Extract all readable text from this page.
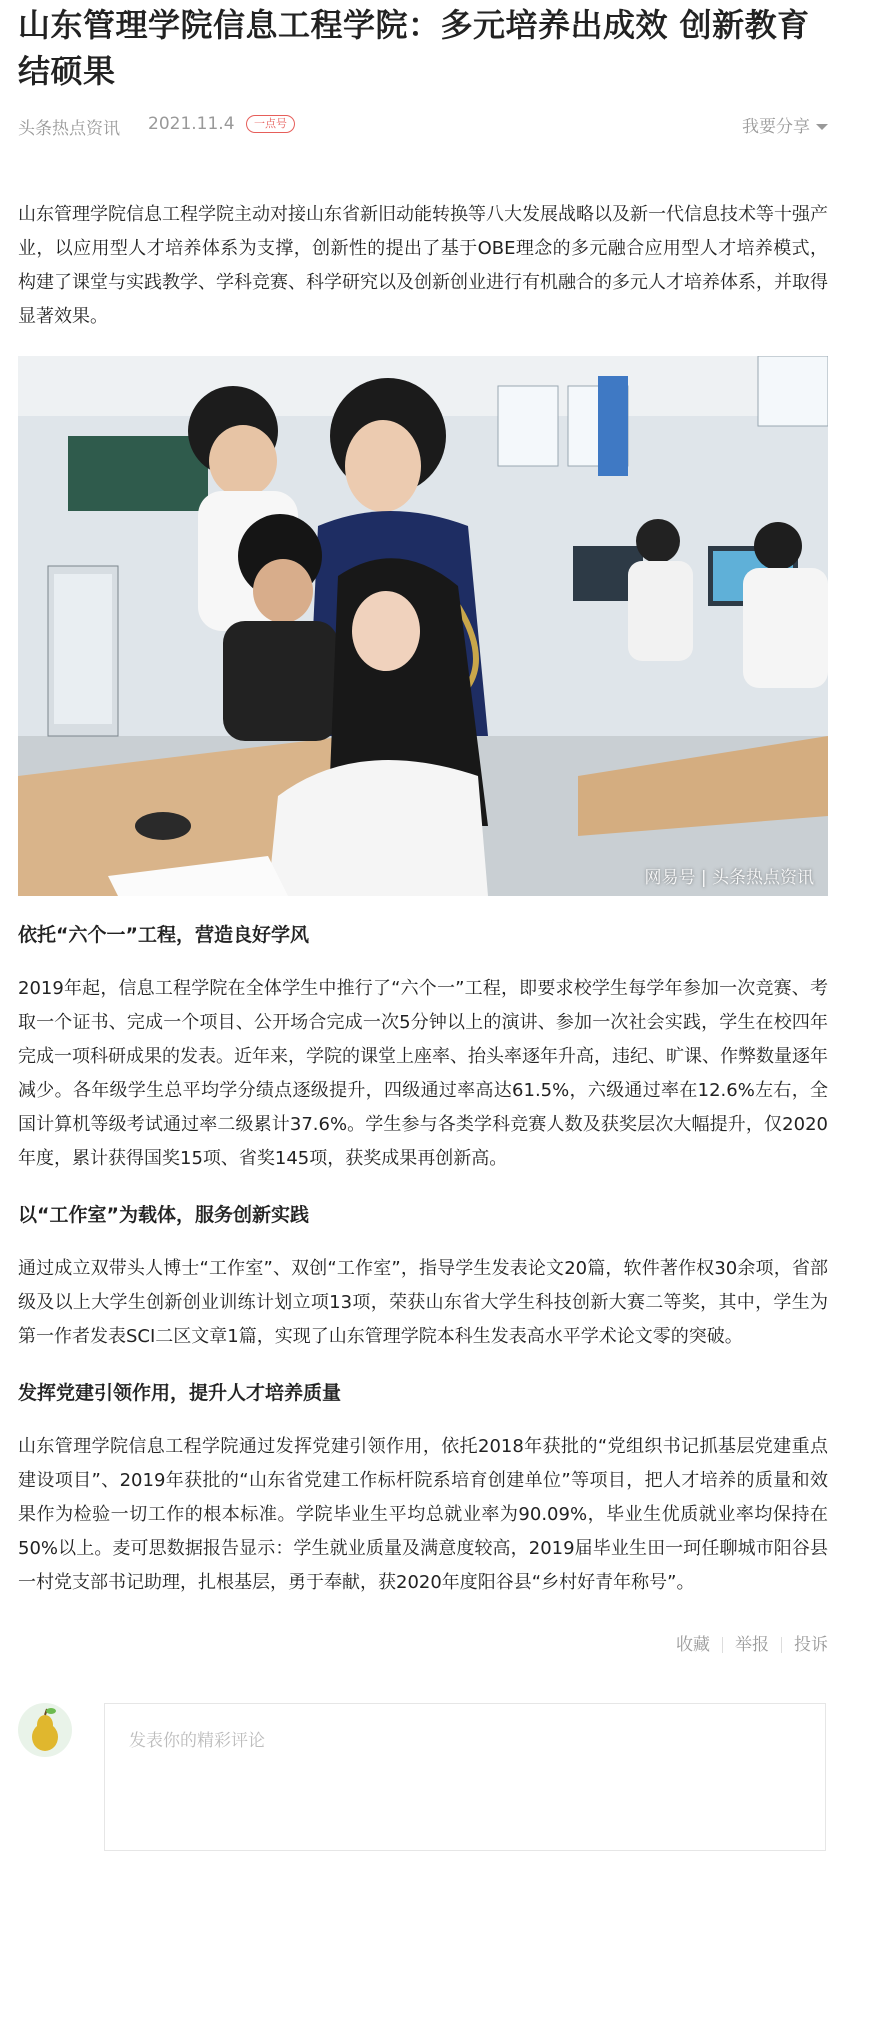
山东管理学院信息工程学院：多元培养出成效 创新教育结硕果
头条热点资讯 2021.11.4	一点号	我要分享

山东管理学院信息工程学院主动对接山东省新旧动能转换等八大发展战略以及新一代信息技术等十强产业，以应用型人才培养体系为支撑，创新性的提出了基于OBE理念的多元融合应用型人才培养模式，构建了课堂与实践教学、学科竞赛、科学研究以及创新创业进行有机融合的多元人才培养体系，并取得显著效果。

网易号 | 头条热点资讯
依托“六个一”工程，营造良好学风

2019年起，信息工程学院在全体学生中推行了“六个一”工程，即要求校学生每学年参加一次竞赛、考取一个证书、完成一个项目、公开场合完成一次5分钟以上的演讲、参加一次社会实践，学生在校四年完成一项科研成果的发表。近年来，学院的课堂上座率、抬头率逐年升高，违纪、旷课、作弊数量逐年减少。各年级学生总平均学分绩点逐级提升，四级通过率高达61.5%，六级通过率在12.6%左右，全国计算机等级考试通过率二级累计37.6%。学生参与各类学科竞赛人数及获奖层次大幅提升，仅2020年度，累计获得国奖15项、省奖145项，获奖成果再创新高。

以“工作室”为载体，服务创新实践

通过成立双带头人博士“工作室”、双创“工作室”，指导学生发表论文20篇，软件著作权30余项，省部级及以上大学生创新创业训练计划立项13项，荣获山东省大学生科技创新大赛二等奖，其中，学生为第一作者发表SCI二区文章1篇，实现了山东管理学院本科生发表高水平学术论文零的突破。

发挥党建引领作用，提升人才培养质量

山东管理学院信息工程学院通过发挥党建引领作用，依托2018年获批的“党组织书记抓基层党建重点建设项目”、2019年获批的“山东省党建工作标杆院系培育创建单位”等项目，把人才培养的质量和效果作为检验一切工作的根本标准。学院毕业生平均总就业率为90.09%，毕业生优质就业率均保持在50%以上。麦可思数据报告显示：学生就业质量及满意度较高，2019届毕业生田一珂任聊城市阳谷县一村党支部书记助理，扎根基层，勇于奉献，获2020年度阳谷县“乡村好青年称号”。

收藏 举报 投诉
发表你的精彩评论
